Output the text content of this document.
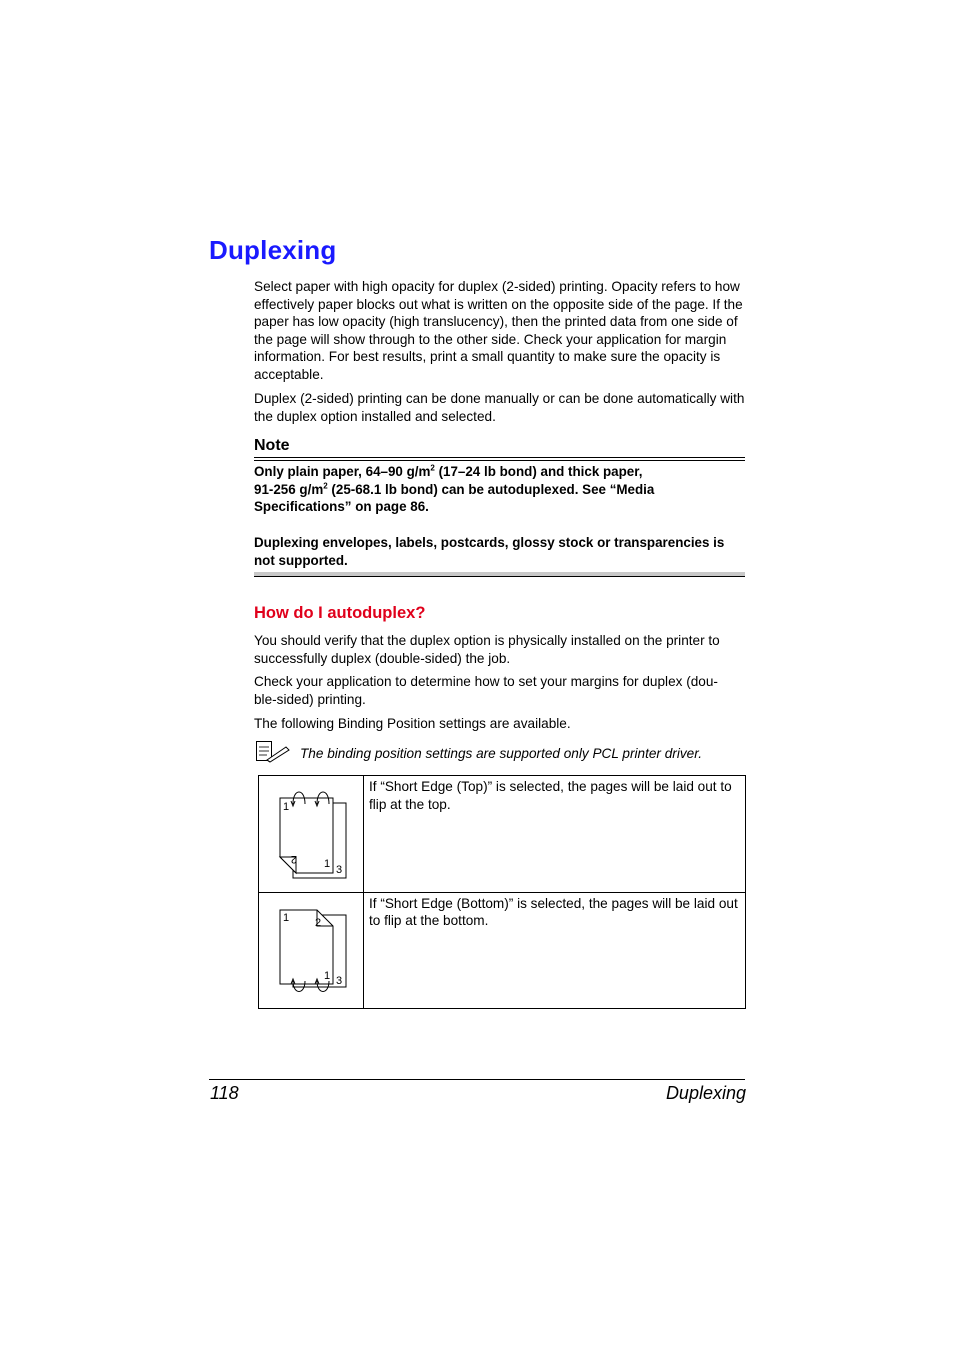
Duplexing

Select paper with high opacity for duplex (2-sided) printing. Opacity refers to how effectively paper blocks out what is written on the opposite side of the page. If the paper has low opacity (high translucency), then the printed data from one side of the page will show through to the other side. Check your application for margin information. For best results, print a small quantity to make sure the opacity is acceptable.

Duplex (2-sided) printing can be done manually or can be done automatically with the duplex option installed and selected.

Note
Only plain paper, 64–90 $g/m^2$ (17–24 lb bond) and thick paper,
91-256 $g/m^2$ (25-68.1 lb bond) can be autoduplexed. See “Media
Specifications” on page 86.
Duplexing envelopes, labels, postcards, glossy stock or transparencies is not supported.
How do I autoduplex?
You should verify that the duplex option is physically installed on the printer to successfully duplex (double-sided) the job.
Check your application to determine how to set your margins for duplex (dou-
ble-sided) printing.
The following Binding Position settings are available.
The binding position settings are supported only PCL printer driver.
1
2 1 3	If “Short Edge (Top)” is selected, the pages will be laid out to flip at the top.

1 2
1 3	If “Short Edge (Bottom)” is selected, the pages will be laid out to flip at the bottom.
118	Duplexing
